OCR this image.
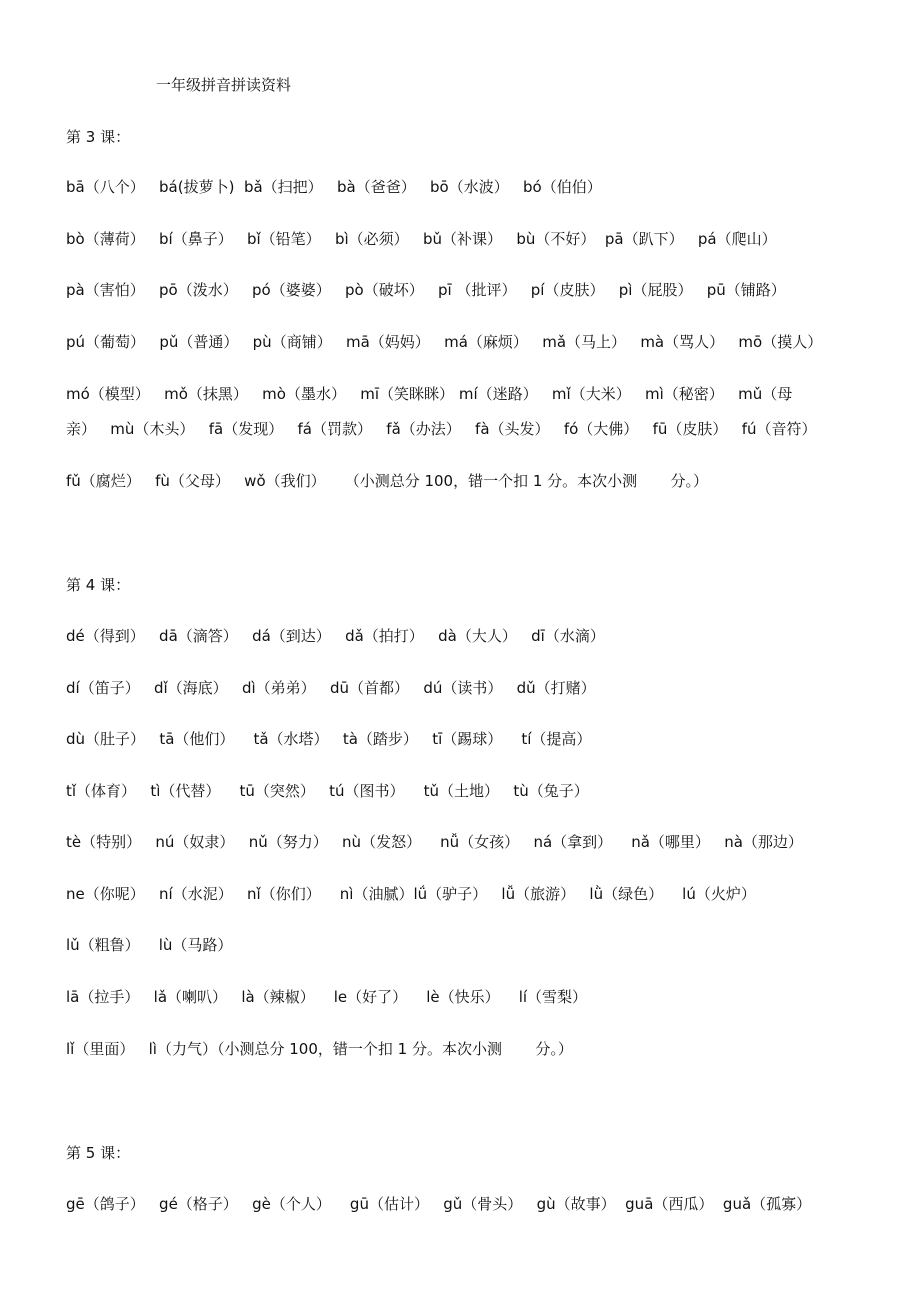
一年级拼音拼读资料
第 3 课：
bā（八个）   bá(拔萝卜)  bǎ（扫把）   bà（爸爸）   bō（水波）   bó（伯伯）
bò（薄荷）   bí（鼻子）   bǐ（铅笔）   bì（必须）   bǔ（补课）   bù（不好）  pā（趴下）   pá（爬山）
pà（害怕）   pō（泼水）   pó（婆婆）   pò（破坏）   pī （批评）   pí（皮肤）   pì（屁股）   pū（铺路）
pú（葡萄）   pǔ（普通）   pù（商铺）   mā（妈妈）   má（麻烦）   mǎ（马上）   mà（骂人）   mō（摸人）
mó（模型）   mǒ（抹黑）   mò（墨水）   mī（笑眯眯） mí（迷路）   mǐ（大米）   mì（秘密）   mǔ（母
亲）   mù（木头）   fā（发现）   fá（罚款）   fǎ（办法）   fà（头发）   fó（大佛）   fū（皮肤）   fú（音符）
fǔ（腐烂）   fù（父母）   wǒ（我们）    （小测总分 100，错一个扣 1 分。本次小测       分。）
第 4 课：
dé（得到）   dā（滴答）   dá（到达）   dǎ（拍打）   dà（大人）   dī（水滴）
dí（笛子）   dǐ（海底）   dì（弟弟）   dū（首都）   dú（读书）   dǔ（打赌）
dù（肚子）   tā（他们）    tǎ（水塔）   tà（踏步）   tī（踢球）    tí（提高）
tǐ（体育）   tì（代替）    tū（突然）   tú（图书）    tǔ（土地）   tù（兔子）
tè（特别）   nú（奴隶）   nǔ（努力）   nù（发怒）    nǚ（女孩）   ná（拿到）    nǎ（哪里）   nà（那边）
ne（你呢）   ní（水泥）   nǐ（你们）    nì（油腻）lǘ（驴子）   lǚ（旅游）   lǜ（绿色）    lú（火炉）
lǔ（粗鲁）    lù（马路）
lā（拉手）   lǎ（喇叭）   là（辣椒）    le（好了）    lè（快乐）    lí（雪梨）
lǐ（里面）   lì（力气）（小测总分 100，错一个扣 1 分。本次小测       分。）
第 5 课：
gē（鸽子）   gé（格子）   gè（个人）    gū（估计）   gǔ（骨头）   gù（故事）  guā（西瓜）  guǎ（孤寡）
